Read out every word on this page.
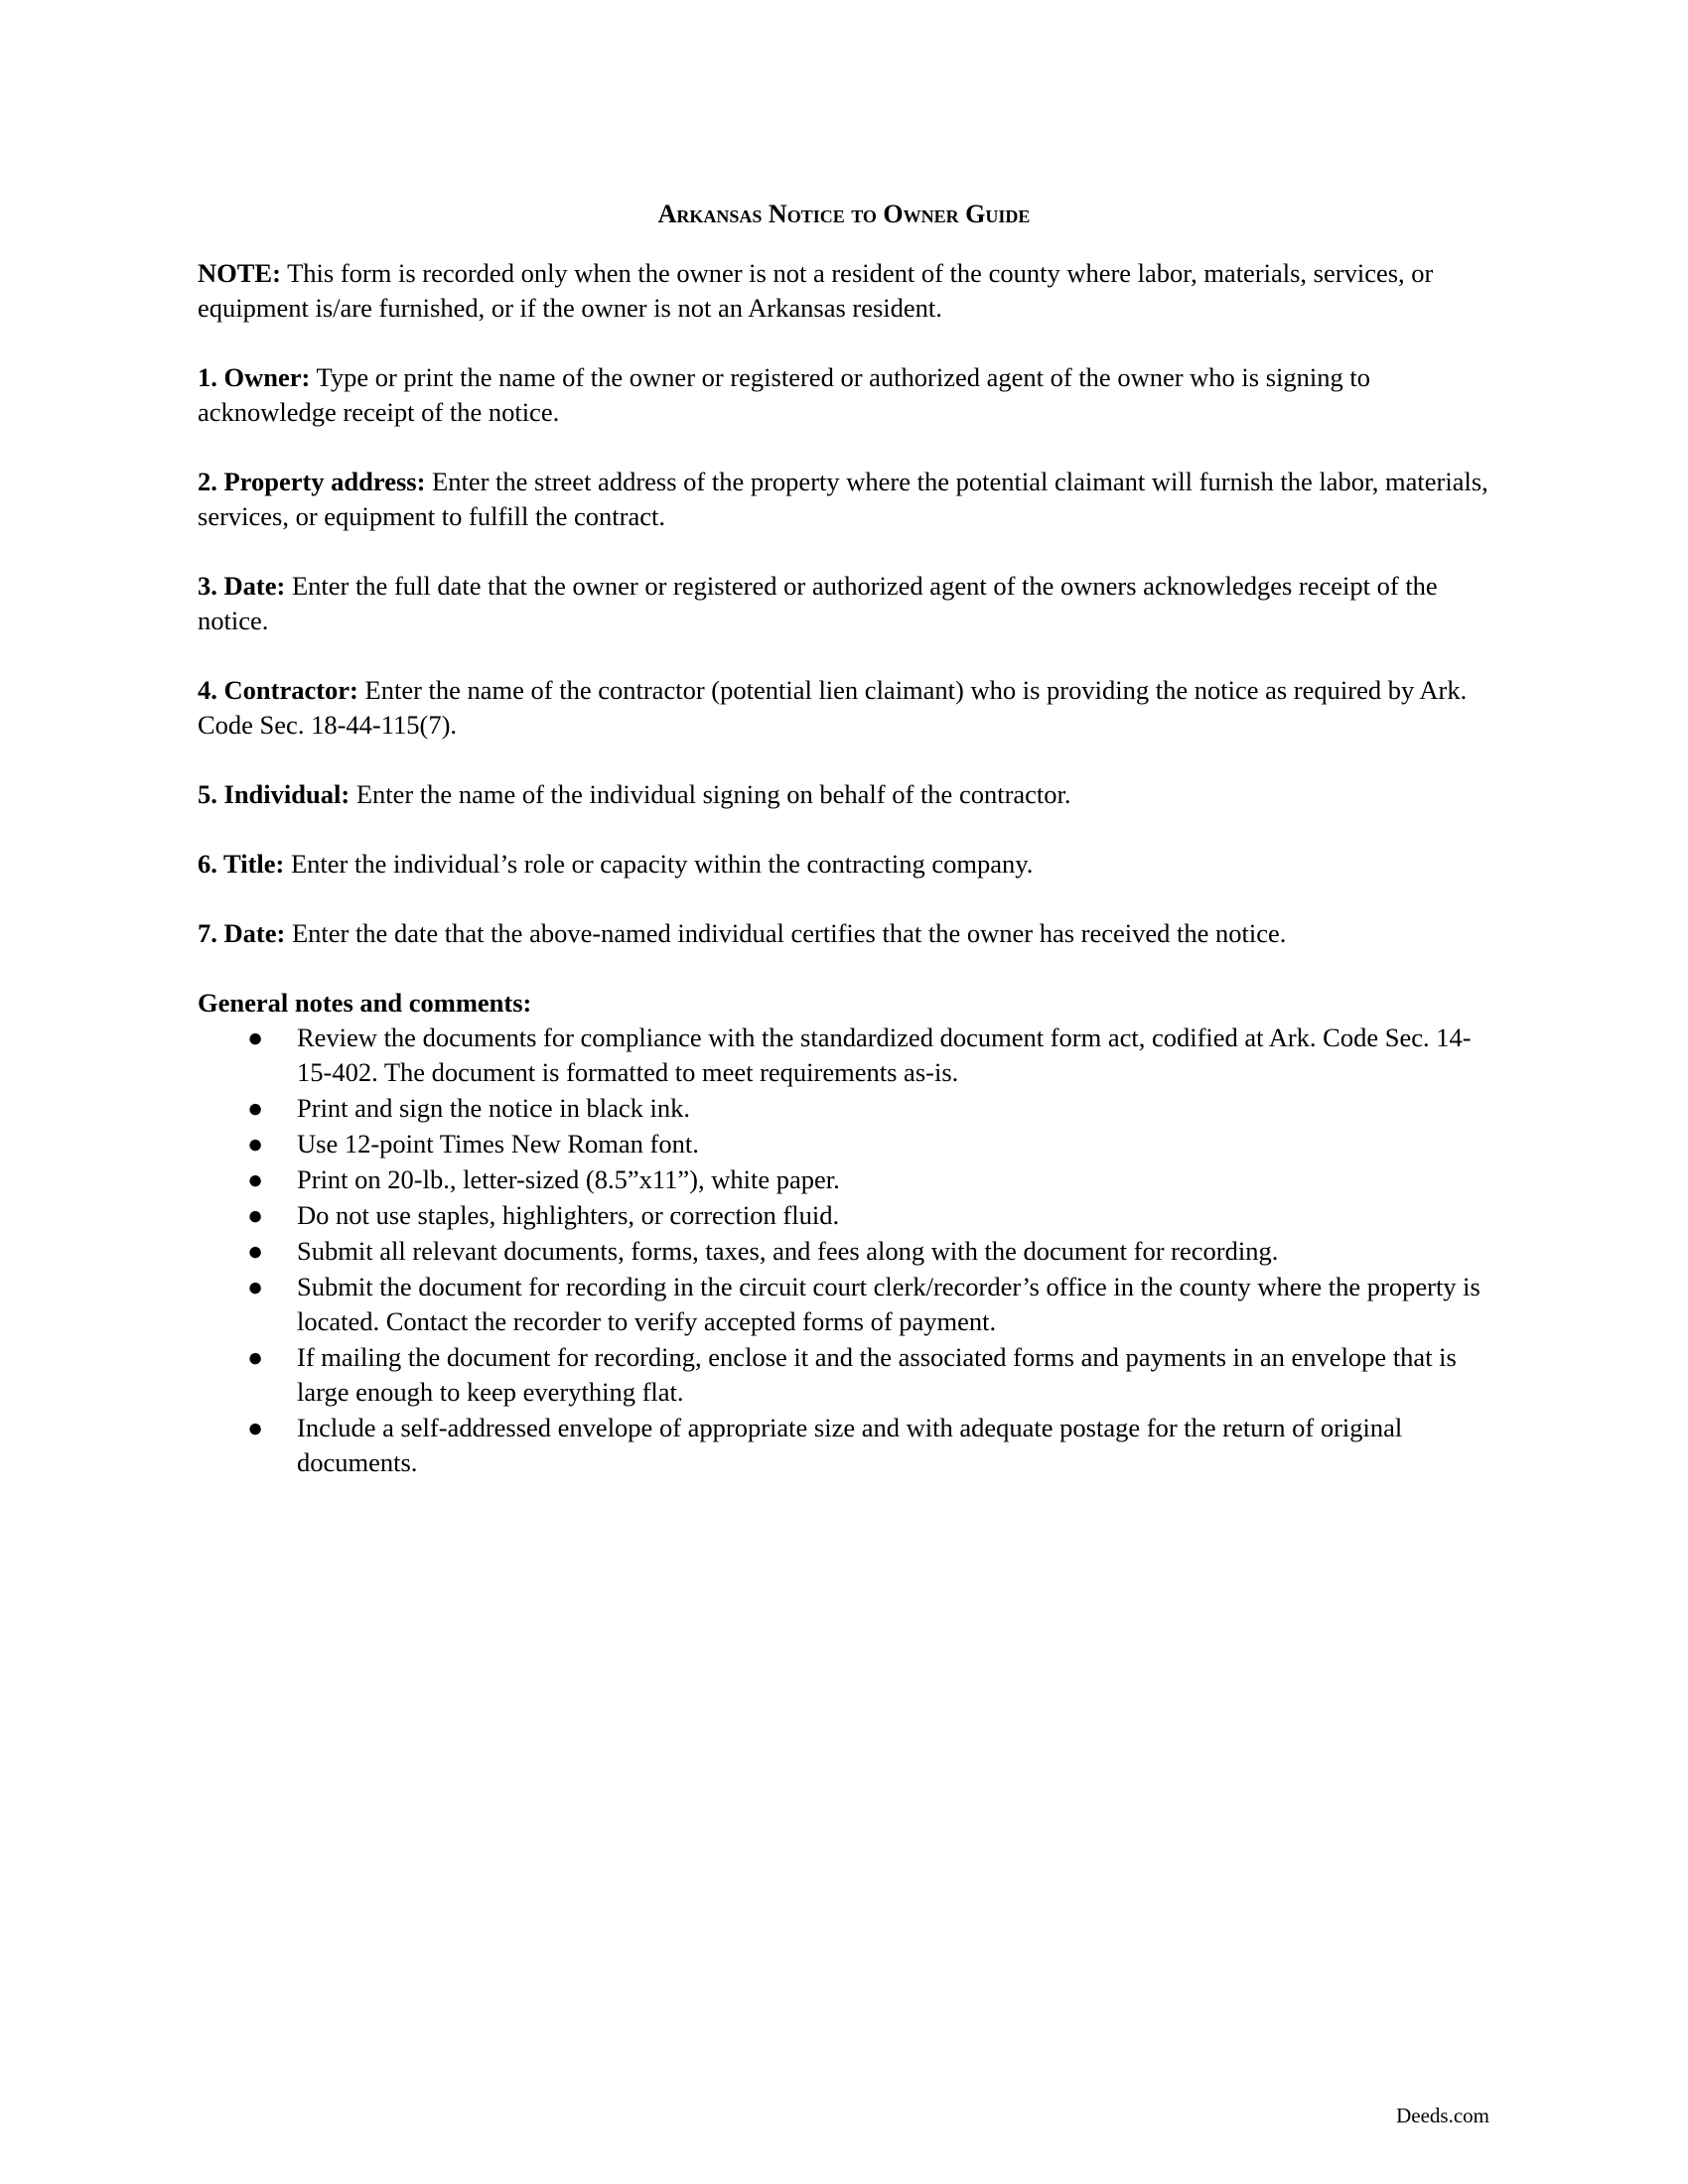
Arkansas Notice to Owner Guide
NOTE: This form is recorded only when the owner is not a resident of the county where labor, materials, services, or equipment is/are furnished, or if the owner is not an Arkansas resident.
1. Owner: Type or print the name of the owner or registered or authorized agent of the owner who is signing to acknowledge receipt of the notice.
2. Property address: Enter the street address of the property where the potential claimant will furnish the labor, materials, services, or equipment to fulfill the contract.
3. Date: Enter the full date that the owner or registered or authorized agent of the owners acknowledges receipt of the notice.
4. Contractor: Enter the name of the contractor (potential lien claimant) who is providing the notice as required by Ark. Code Sec. 18-44-115(7).
5. Individual: Enter the name of the individual signing on behalf of the contractor.
6. Title: Enter the individual’s role or capacity within the contracting company.
7. Date: Enter the date that the above-named individual certifies that the owner has received the notice.
General notes and comments:
● Review the documents for compliance with the standardized document form act, codified at Ark. Code Sec. 14-15-402. The document is formatted to meet requirements as-is.
● Print and sign the notice in black ink.
● Use 12-point Times New Roman font.
● Print on 20-lb., letter-sized (8.5”x11”), white paper.
● Do not use staples, highlighters, or correction fluid.
● Submit all relevant documents, forms, taxes, and fees along with the document for recording.
● Submit the document for recording in the circuit court clerk/recorder’s office in the county where the property is located. Contact the recorder to verify accepted forms of payment.
● If mailing the document for recording, enclose it and the associated forms and payments in an envelope that is large enough to keep everything flat.
● Include a self-addressed envelope of appropriate size and with adequate postage for the return of original documents.
Deeds.com
